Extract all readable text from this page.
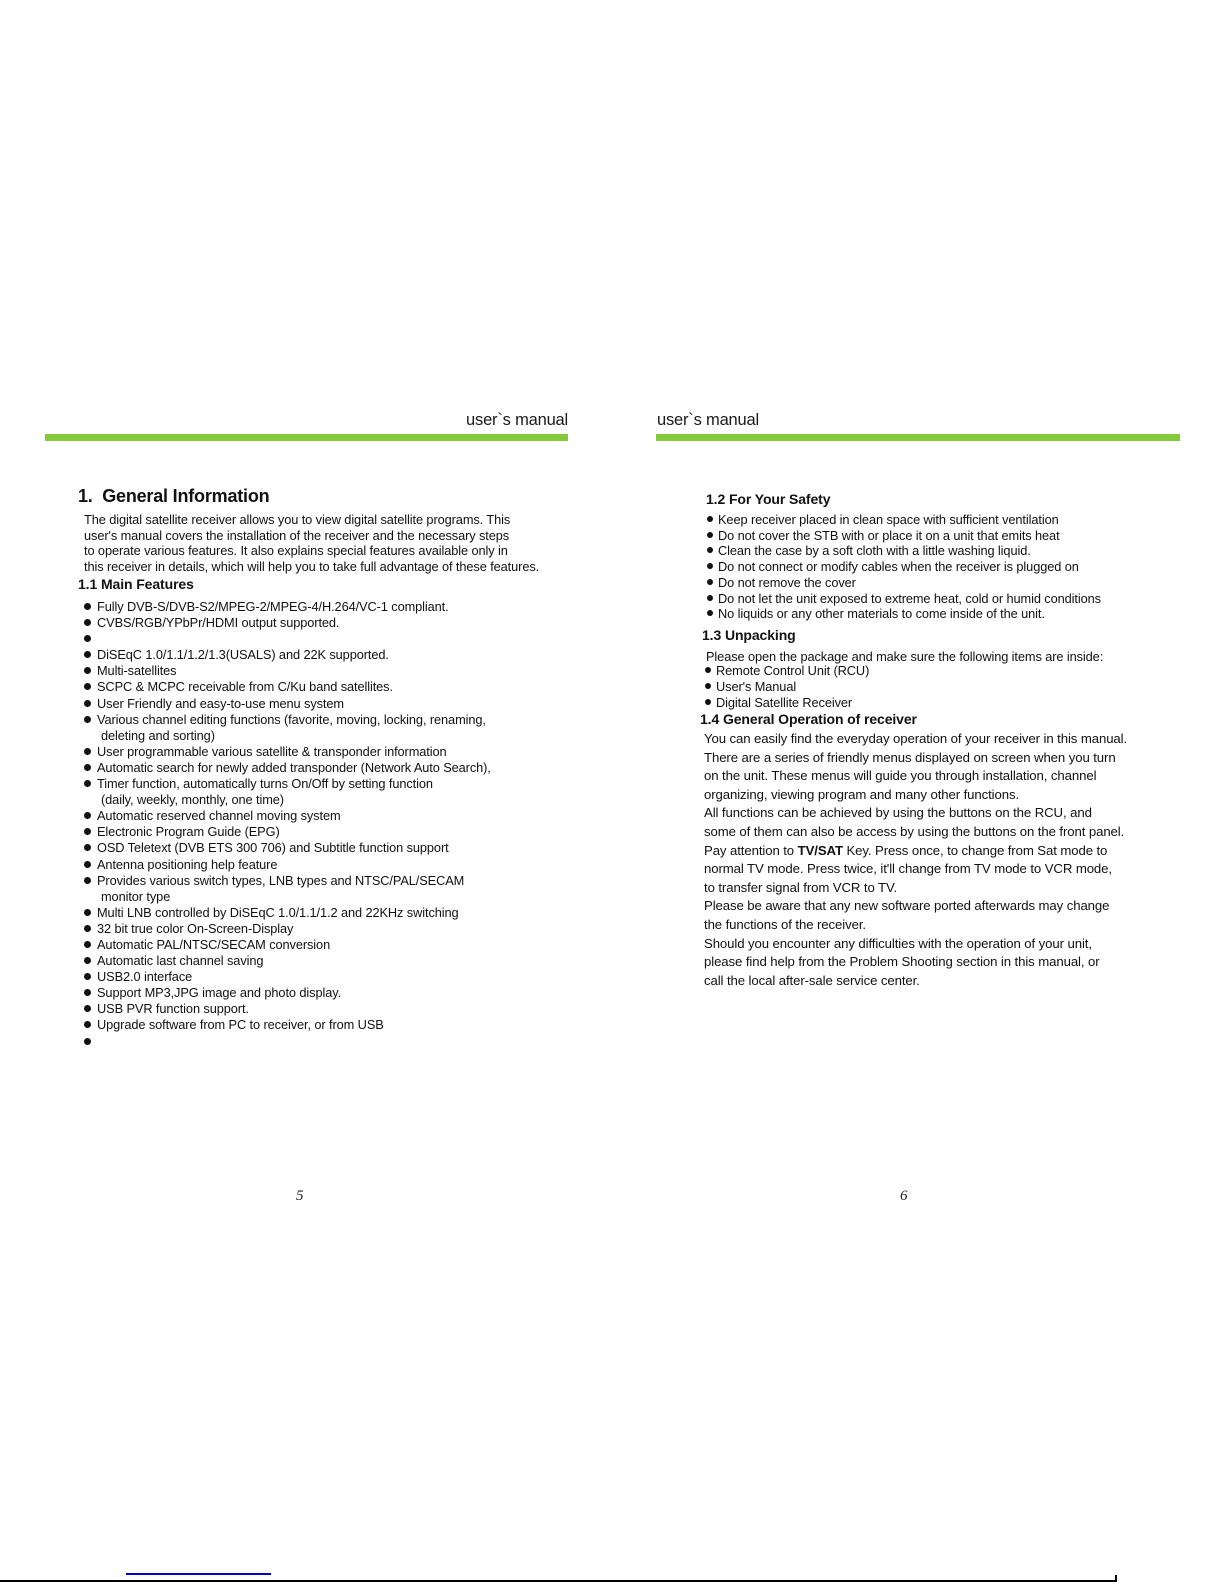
user`s manual	user`s manual
1.  General Information
The digital satellite receiver allows you to view digital satellite programs. This
user's manual covers the installation of the receiver and the necessary steps
to operate various features. It also explains special features available only in
this receiver in details, which will help you to take full advantage of these features.
1.1 Main Features
Fully DVB-S/DVB-S2/MPEG-2/MPEG-4/H.264/VC-1 compliant.
CVBS/RGB/YPbPr/HDMI output supported.

DiSEqC 1.0/1.1/1.2/1.3(USALS) and 22K supported.
Multi-satellites
SCPC & MCPC receivable from C/Ku band satellites.
User Friendly and easy-to-use menu system
Various channel editing functions (favorite, moving, locking, renaming,
deleting and sorting)
User programmable various satellite & transponder information
Automatic search for newly added transponder (Network Auto Search),
Timer function, automatically turns On/Off by setting function
(daily, weekly, monthly, one time)
Automatic reserved channel moving system
Electronic Program Guide (EPG)
OSD Teletext (DVB ETS 300 706) and Subtitle function support
Antenna positioning help feature
Provides various switch types, LNB types and NTSC/PAL/SECAM
monitor type
Multi LNB controlled by DiSEqC 1.0/1.1/1.2 and 22KHz switching
32 bit true color On-Screen-Display
Automatic PAL/NTSC/SECAM conversion
Automatic last channel saving
USB2.0 interface
Support MP3,JPG image and photo display.
USB PVR function support.
Upgrade software from PC to receiver, or from USB

1.2 For Your Safety
Keep receiver placed in clean space with sufficient ventilation
Do not cover the STB with or place it on a unit that emits heat
Clean the case by a soft cloth with a little washing liquid.
Do not connect or modify cables when the receiver is plugged on
Do not remove the cover
Do not let the unit exposed to extreme heat, cold or humid conditions
No liquids or any other materials to come inside of the unit.
1.3 Unpacking
Please open the package and make sure the following items are inside:
Remote Control Unit (RCU)
User's Manual
Digital Satellite Receiver
1.4 General Operation of receiver
You can easily find the everyday operation of your receiver in this manual.
There are a series of friendly menus displayed on screen when you turn
on the unit. These menus will guide you through installation, channel
organizing, viewing program and many other functions.
All functions can be achieved by using the buttons on the RCU, and
some of them can also be access by using the buttons on the front panel.
Pay attention to TV/SAT Key. Press once, to change from Sat mode to
normal TV mode. Press twice, it'll change from TV mode to VCR mode,
to transfer signal from VCR to TV.
Please be aware that any new software ported afterwards may change
the functions of the receiver.
Should you encounter any difficulties with the operation of your unit,
please find help from the Problem Shooting section in this manual, or
call the local after-sale service center.
5	6
